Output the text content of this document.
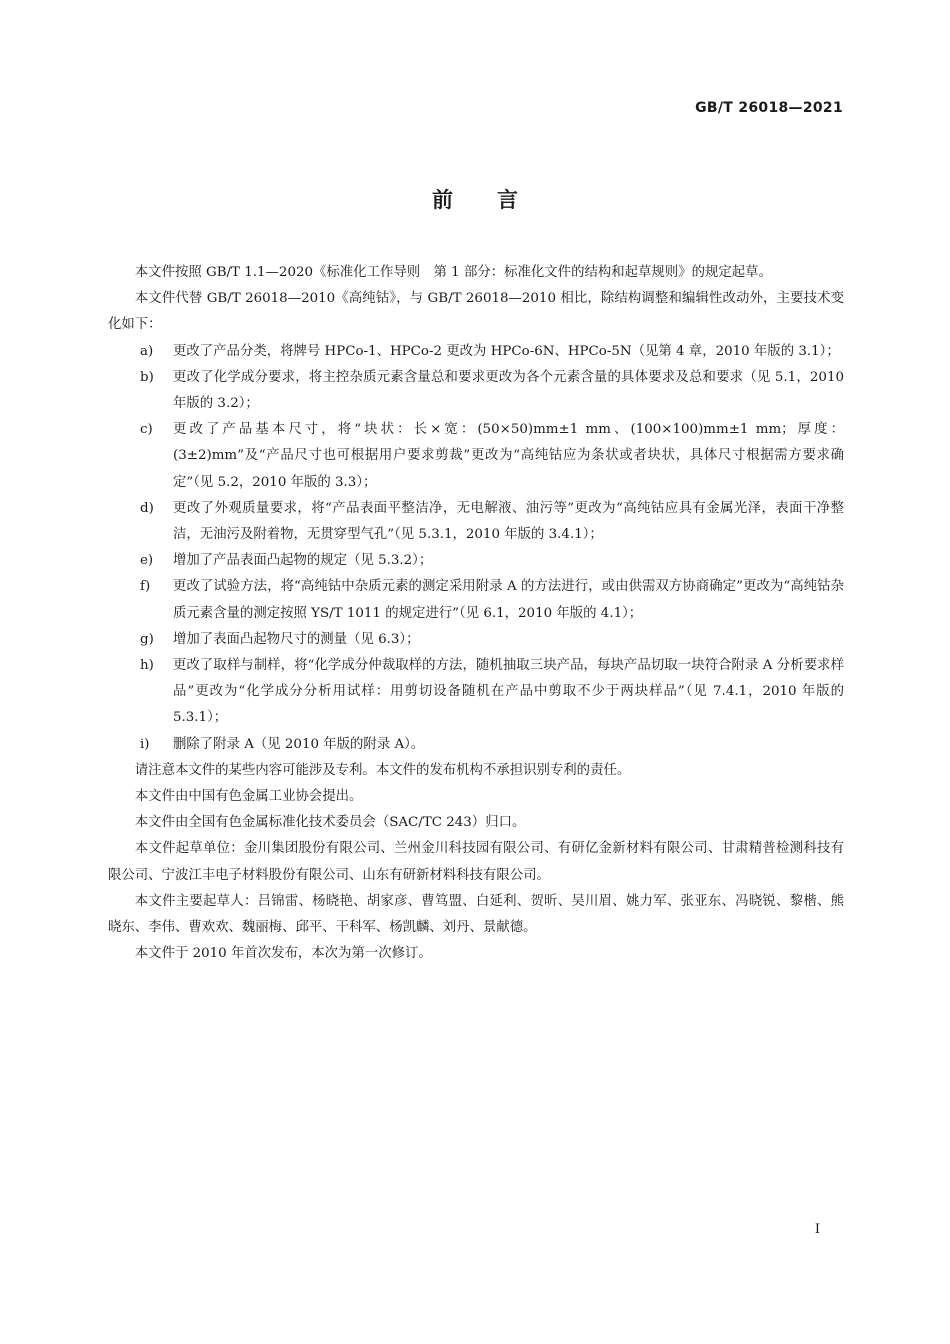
GB/T 26018—2021
前言

本文件按照 GB/T 1.1—2020《标准化工作导则　第 1 部分：标准化文件的结构和起草规则》的规定起草。

本文件代替 GB/T 26018—2010《高纯钴》，与 GB/T 26018—2010 相比，除结构调整和编辑性改动外，主要技术变化如下：

a) 更改了产品分类，将牌号 HPCo-1、HPCo-2 更改为 HPCo-6N、HPCo-5N（见第 4 章，2010 年版的 3.1）；
b) 更改了化学成分要求，将主控杂质元素含量总和要求更改为各个元素含量的具体要求及总和要求（见 5.1，2010 年版的 3.2）；
c) 更改了产品基本尺寸，将“块状：长×宽：(50×50)mm±1 mm、(100×100)mm±1 mm；厚度：(3±2)mm”及“产品尺寸也可根据用户要求剪裁”更改为“高纯钴应为条状或者块状，具体尺寸根据需方要求确定”（见 5.2，2010 年版的 3.3）；
d) 更改了外观质量要求，将“产品表面平整洁净，无电解液、油污等”更改为“高纯钴应具有金属光泽，表面干净整洁，无油污及附着物，无贯穿型气孔”（见 5.3.1，2010 年版的 3.4.1）；
e) 增加了产品表面凸起物的规定（见 5.3.2）；
f) 更改了试验方法，将“高纯钴中杂质元素的测定采用附录 A 的方法进行，或由供需双方协商确定”更改为“高纯钴杂质元素含量的测定按照 YS/T 1011 的规定进行”（见 6.1，2010 年版的 4.1）；
g) 增加了表面凸起物尺寸的测量（见 6.3）；
h) 更改了取样与制样，将“化学成分仲裁取样的方法，随机抽取三块产品，每块产品切取一块符合附录 A 分析要求样品”更改为“化学成分分析用试样：用剪切设备随机在产品中剪取不少于两块样品”（见 7.4.1，2010 年版的 5.3.1）；
i) 删除了附录 A（见 2010 年版的附录 A）。

请注意本文件的某些内容可能涉及专利。本文件的发布机构不承担识别专利的责任。

本文件由中国有色金属工业协会提出。

本文件由全国有色金属标准化技术委员会（SAC/TC 243）归口。

本文件起草单位：金川集团股份有限公司、兰州金川科技园有限公司、有研亿金新材料有限公司、甘肃精普检测科技有限公司、宁波江丰电子材料股份有限公司、山东有研新材料科技有限公司。

本文件主要起草人：吕锦雷、杨晓艳、胡家彦、曹笃盟、白延利、贺昕、吴川眉、姚力军、张亚东、冯晓锐、黎楷、熊晓东、李伟、曹欢欢、魏丽梅、邱平、干科军、杨凯麟、刘丹、景献德。

本文件于 2010 年首次发布，本次为第一次修订。

I
